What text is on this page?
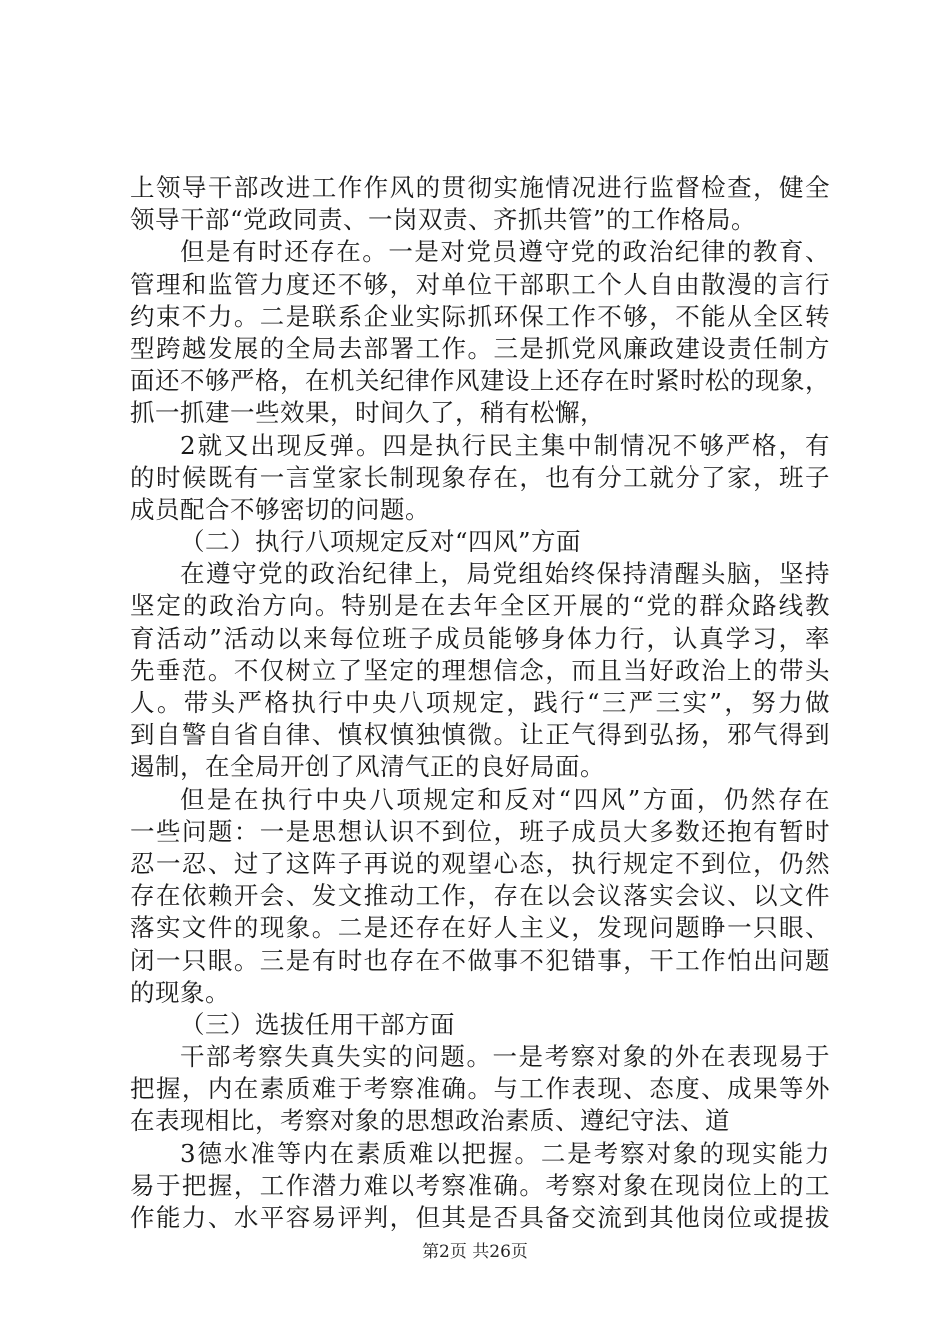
上领导干部改进工作作风的贯彻实施情况进行监督检查，健全
领导干部“党政同责、一岗双责、齐抓共管”的工作格局。
但是有时还存在。一是对党员遵守党的政治纪律的教育、
管理和监管力度还不够，对单位干部职工个人自由散漫的言行
约束不力。二是联系企业实际抓环保工作不够，不能从全区转
型跨越发展的全局去部署工作。三是抓党风廉政建设责任制方
面还不够严格，在机关纪律作风建设上还存在时紧时松的现象，
抓一抓建一些效果，时间久了，稍有松懈，
2就又出现反弹。四是执行民主集中制情况不够严格，有
的时候既有一言堂家长制现象存在，也有分工就分了家，班子
成员配合不够密切的问题。
（二）执行八项规定反对“四风”方面
在遵守党的政治纪律上，局党组始终保持清醒头脑，坚持
坚定的政治方向。特别是在去年全区开展的“党的群众路线教
育活动”活动以来每位班子成员能够身体力行，认真学习，率
先垂范。不仅树立了坚定的理想信念，而且当好政治上的带头
人。带头严格执行中央八项规定，践行“三严三实”，努力做
到自警自省自律、慎权慎独慎微。让正气得到弘扬，邪气得到
遏制，在全局开创了风清气正的良好局面。
但是在执行中央八项规定和反对“四风”方面，仍然存在
一些问题：一是思想认识不到位，班子成员大多数还抱有暂时
忍一忍、过了这阵子再说的观望心态，执行规定不到位，仍然
存在依赖开会、发文推动工作，存在以会议落实会议、以文件
落实文件的现象。二是还存在好人主义，发现问题睁一只眼、
闭一只眼。三是有时也存在不做事不犯错事，干工作怕出问题
的现象。
（三）选拔任用干部方面
干部考察失真失实的问题。一是考察对象的外在表现易于
把握，内在素质难于考察准确。与工作表现、态度、成果等外
在表现相比，考察对象的思想政治素质、遵纪守法、道
3德水准等内在素质难以把握。二是考察对象的现实能力
易于把握，工作潜力难以考察准确。考察对象在现岗位上的工
作能力、水平容易评判，但其是否具备交流到其他岗位或提拔
第2页 共26页
